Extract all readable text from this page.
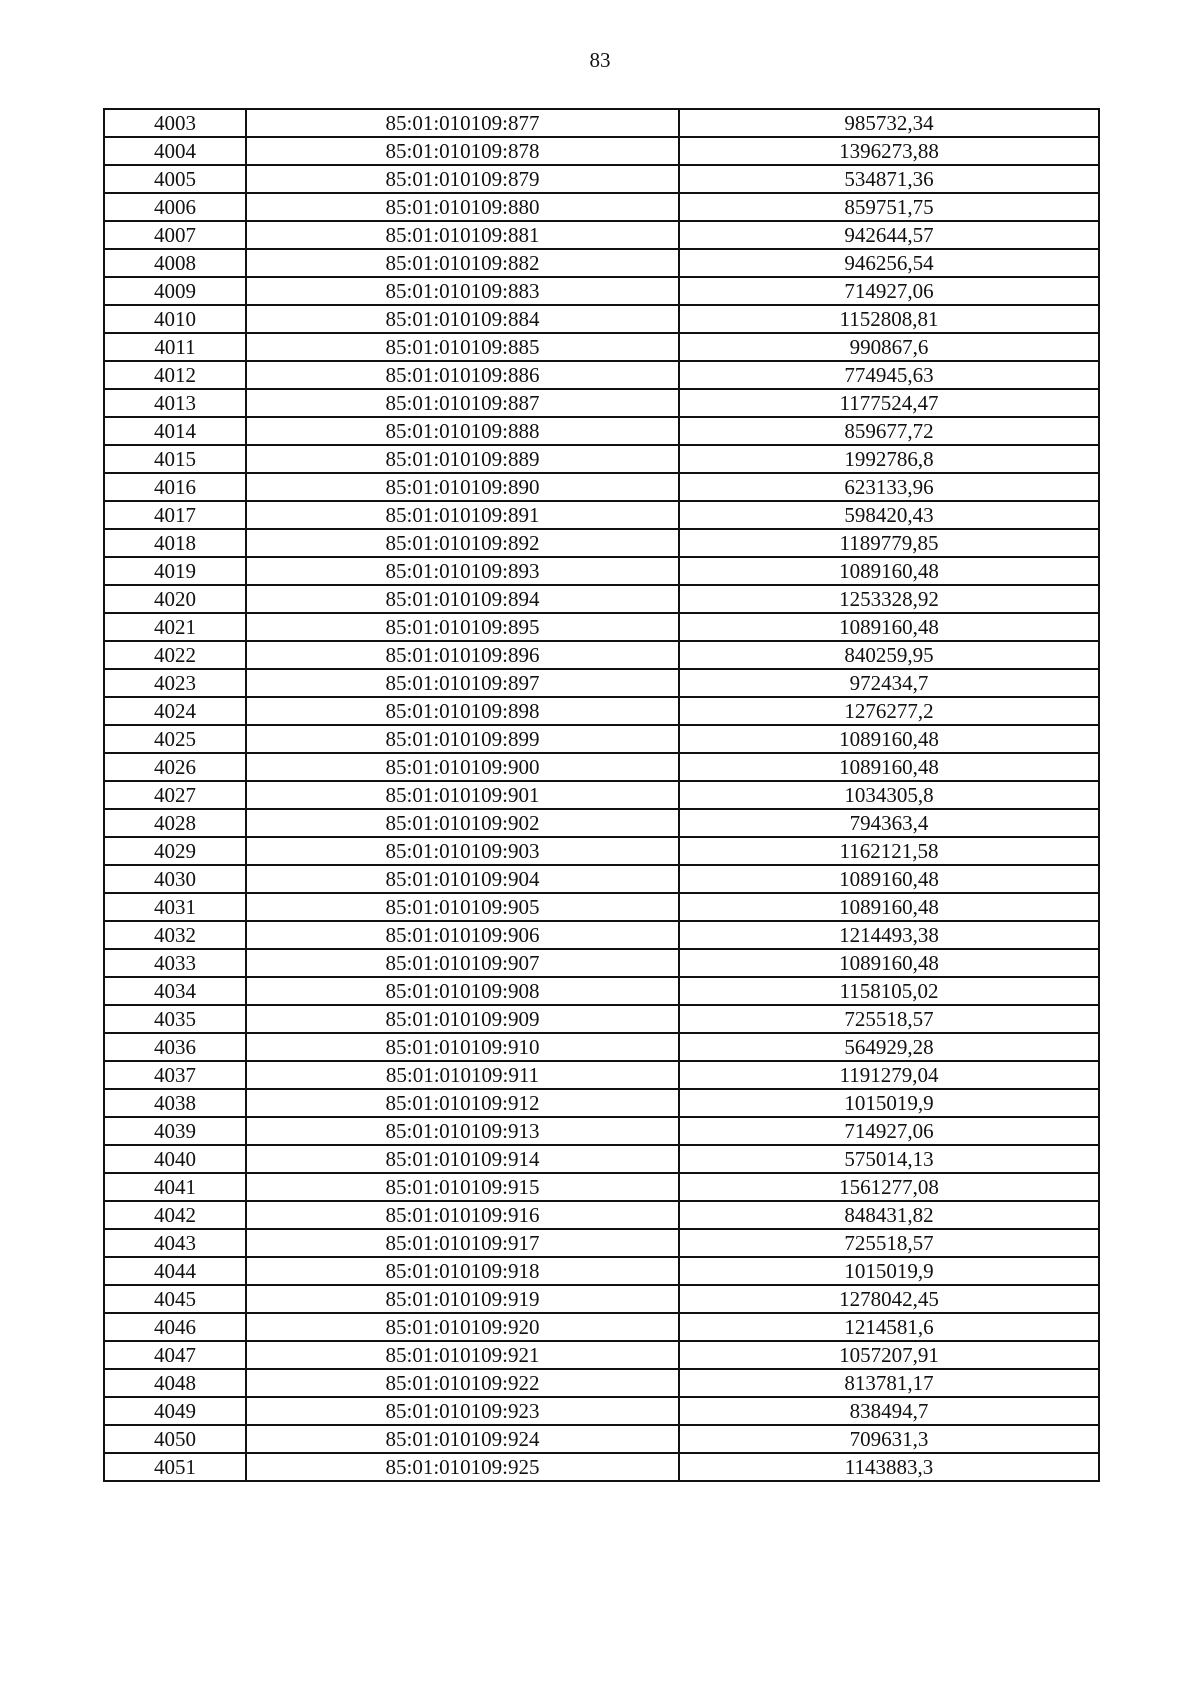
83
4003	85:01:010109:877	985732,34
4004	85:01:010109:878	1396273,88
4005	85:01:010109:879	534871,36
4006	85:01:010109:880	859751,75
4007	85:01:010109:881	942644,57
4008	85:01:010109:882	946256,54
4009	85:01:010109:883	714927,06
4010	85:01:010109:884	1152808,81
4011	85:01:010109:885	990867,6
4012	85:01:010109:886	774945,63
4013	85:01:010109:887	1177524,47
4014	85:01:010109:888	859677,72
4015	85:01:010109:889	1992786,8
4016	85:01:010109:890	623133,96
4017	85:01:010109:891	598420,43
4018	85:01:010109:892	1189779,85
4019	85:01:010109:893	1089160,48
4020	85:01:010109:894	1253328,92
4021	85:01:010109:895	1089160,48
4022	85:01:010109:896	840259,95
4023	85:01:010109:897	972434,7
4024	85:01:010109:898	1276277,2
4025	85:01:010109:899	1089160,48
4026	85:01:010109:900	1089160,48
4027	85:01:010109:901	1034305,8
4028	85:01:010109:902	794363,4
4029	85:01:010109:903	1162121,58
4030	85:01:010109:904	1089160,48
4031	85:01:010109:905	1089160,48
4032	85:01:010109:906	1214493,38
4033	85:01:010109:907	1089160,48
4034	85:01:010109:908	1158105,02
4035	85:01:010109:909	725518,57
4036	85:01:010109:910	564929,28
4037	85:01:010109:911	1191279,04
4038	85:01:010109:912	1015019,9
4039	85:01:010109:913	714927,06
4040	85:01:010109:914	575014,13
4041	85:01:010109:915	1561277,08
4042	85:01:010109:916	848431,82
4043	85:01:010109:917	725518,57
4044	85:01:010109:918	1015019,9
4045	85:01:010109:919	1278042,45
4046	85:01:010109:920	1214581,6
4047	85:01:010109:921	1057207,91
4048	85:01:010109:922	813781,17
4049	85:01:010109:923	838494,7
4050	85:01:010109:924	709631,3
4051	85:01:010109:925	1143883,3
